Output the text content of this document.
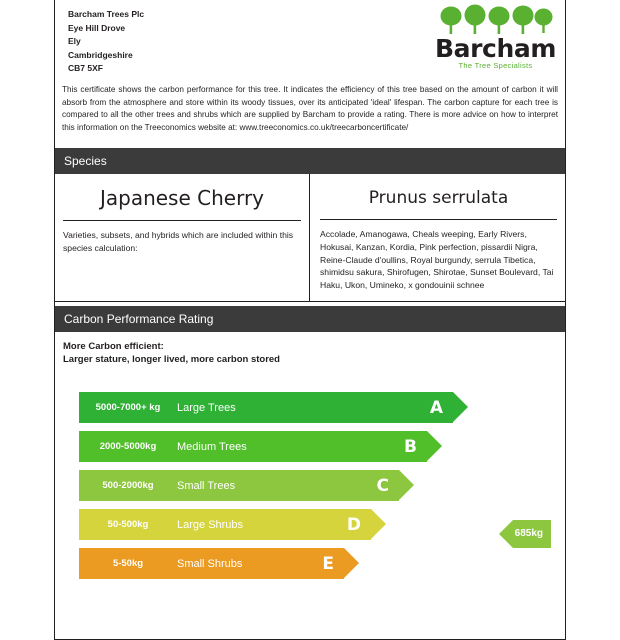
Barcham Trees Plc
Eye Hill Drove
Ely
Cambridgeshire
CB7 5XF
Barcham
The Tree Specialists

This certificate shows the carbon performance for this tree. It indicates the efficiency of this tree based on the amount of carbon it will absorb from the atmosphere and store within its woody tissues, over its anticipated 'ideal' lifespan. The carbon capture for each tree is compared to all the other trees and shrubs which are supplied by Barcham to provide a rating. There is more advice on how to interpret this information on the Treeconomics website at: www.treeconomics.co.uk/treecarboncertificate/

Species
Japanese Cherry
Varieties, subsets, and hybrids which are included within this species calculation:
Prunus serrulata
Accolade, Amanogawa, Cheals weeping, Early Rivers, Hokusai, Kanzan, Kordia, Pink perfection, pissardii Nigra, Reine-Claude d'oullins, Royal burgundy, serrula Tibetica, shimidsu sakura, Shirofugen, Shirotae, Sunset Boulevard, Tai Haku, Ukon, Umineko, x gondouinii schnee
Carbon Performance Rating
More Carbon efficient:
Larger stature, longer lived, more carbon stored
5000-7000+ kg	Large Trees	A
2000-5000kg	Medium Trees	B
500-2000kg	Small Trees	C
50-500kg	Large Shrubs	D
5-50kg	Small Shrubs	E
685kg
